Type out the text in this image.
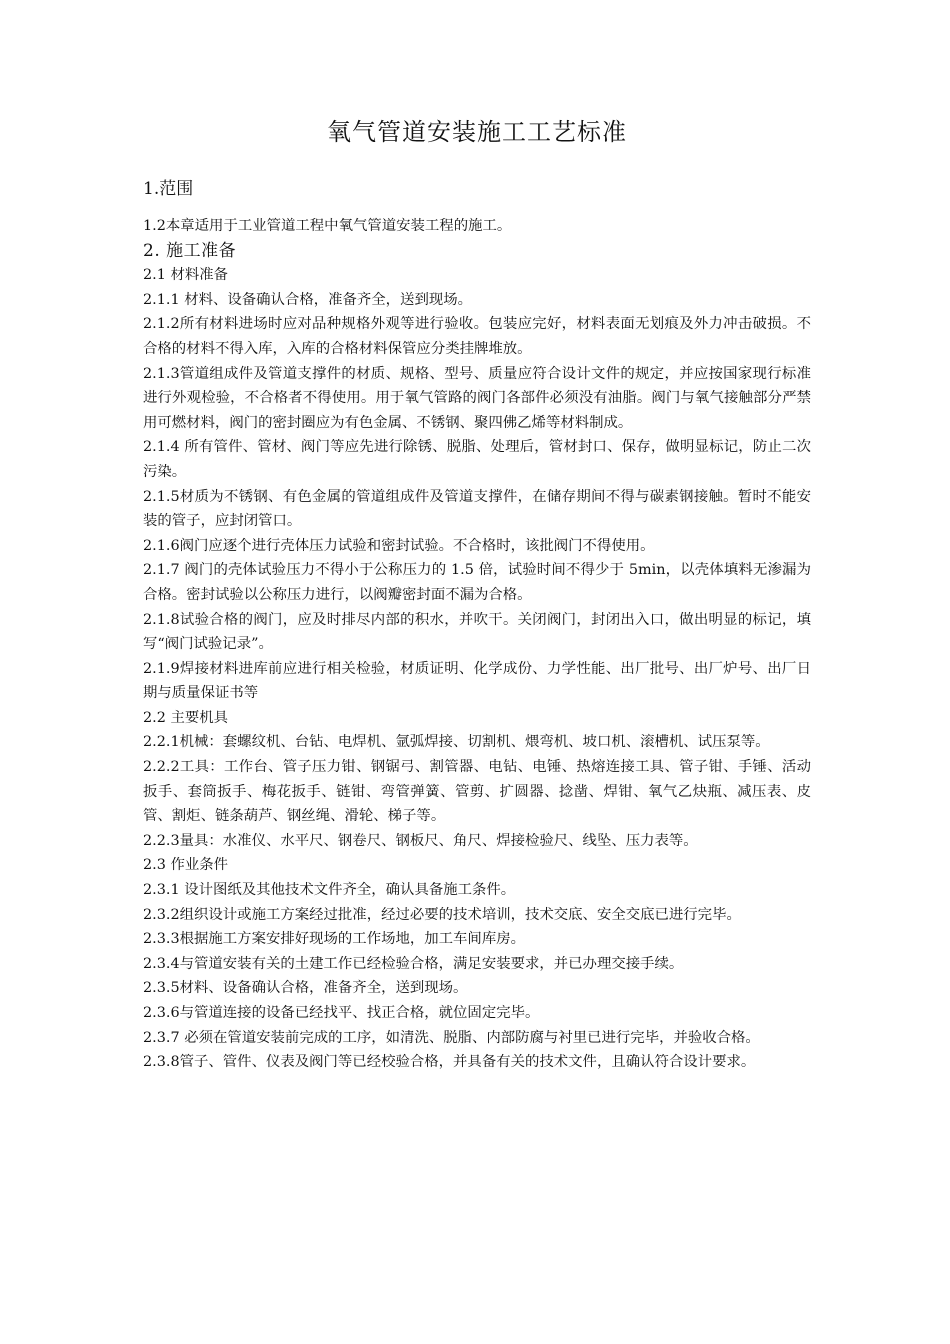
氧气管道安装施工工艺标准
1.范围

1.2本章适用于工业管道工程中氧气管道安装工程的施工。

2. 施工准备

2.1 材料准备

2.1.1 材料、设备确认合格，准备齐全，送到现场。

2.1.2所有材料进场时应对品种规格外观等进行验收。包装应完好，材料表面无划痕及外力冲击破损。不合格的材料不得入库，入库的合格材料保管应分类挂牌堆放。

2.1.3管道组成件及管道支撑件的材质、规格、型号、质量应符合设计文件的规定，并应按国家现行标准进行外观检验，不合格者不得使用。用于氧气管路的阀门各部件必须没有油脂。阀门与氧气接触部分严禁用可燃材料，阀门的密封圈应为有色金属、不锈钢、聚四佛乙烯等材料制成。

2.1.4 所有管件、管材、阀门等应先进行除锈、脱脂、处理后，管材封口、保存，做明显标记，防止二次污染。

2.1.5材质为不锈钢、有色金属的管道组成件及管道支撑件，在储存期间不得与碳素钢接触。暂时不能安装的管子，应封闭管口。

2.1.6阀门应逐个进行壳体压力试验和密封试验。不合格时，该批阀门不得使用。

2.1.7 阀门的壳体试验压力不得小于公称压力的 1.5 倍，试验时间不得少于 5min，以壳体填料无渗漏为合格。密封试验以公称压力进行，以阀瓣密封面不漏为合格。

2.1.8试验合格的阀门，应及时排尽内部的积水，并吹干。关闭阀门，封闭出入口，做出明显的标记，填写“阀门试验记录”。

2.1.9焊接材料进库前应进行相关检验，材质证明、化学成份、力学性能、出厂批号、出厂炉号、出厂日期与质量保证书等

2.2 主要机具

2.2.1机械：套螺纹机、台钻、电焊机、氩弧焊接、切割机、煨弯机、坡口机、滚槽机、试压泵等。

2.2.2工具：工作台、管子压力钳、钢锯弓、割管器、电钻、电锤、热熔连接工具、管子钳、手锤、活动扳手、套筒扳手、梅花扳手、链钳、弯管弹簧、管剪、扩圆器、捻凿、焊钳、氧气乙炔瓶、减压表、皮管、割炬、链条葫芦、钢丝绳、滑轮、梯子等。

2.2.3量具：水准仪、水平尺、钢卷尺、钢板尺、角尺、焊接检验尺、线坠、压力表等。

2.3 作业条件

2.3.1 设计图纸及其他技术文件齐全，确认具备施工条件。

2.3.2组织设计或施工方案经过批准，经过必要的技术培训，技术交底、安全交底已进行完毕。

2.3.3根据施工方案安排好现场的工作场地，加工车间库房。

2.3.4与管道安装有关的土建工作已经检验合格，满足安装要求，并已办理交接手续。

2.3.5材料、设备确认合格，准备齐全，送到现场。

2.3.6与管道连接的设备已经找平、找正合格，就位固定完毕。

2.3.7 必须在管道安装前完成的工序，如清洗、脱脂、内部防腐与衬里已进行完毕，并验收合格。

2.3.8管子、管件、仪表及阀门等已经校验合格，并具备有关的技术文件，且确认符合设计要求。
